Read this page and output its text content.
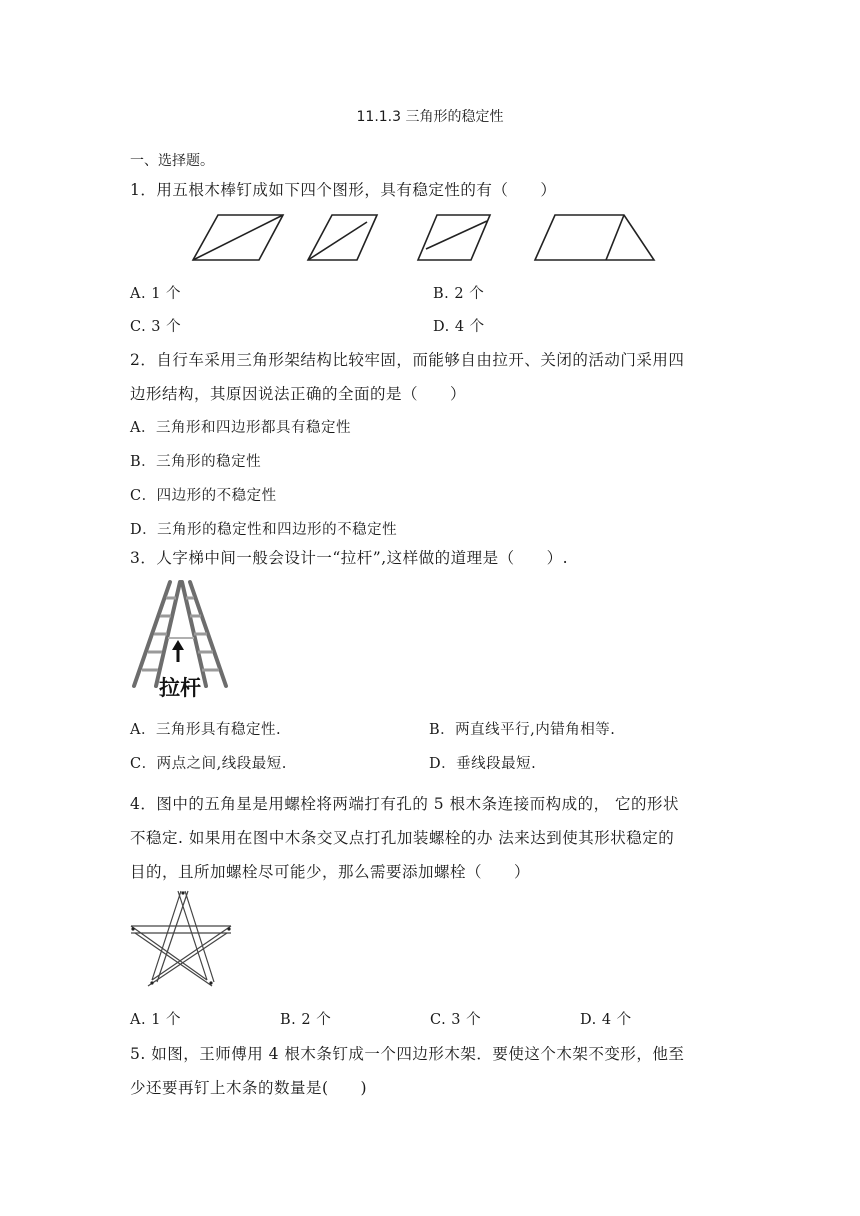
11.1.3 三角形的稳定性
一、选择题。
1．用五根木棒钉成如下四个图形，具有稳定性的有（　　）
A. 1 个	B. 2 个
C. 3 个	D. 4 个
2．自行车采用三角形架结构比较牢固，而能够自由拉开、关闭的活动门采用四
边形结构，其原因说法正确的全面的是（　　）
A．三角形和四边形都具有稳定性
B．三角形的稳定性
C．四边形的不稳定性
D．三角形的稳定性和四边形的不稳定性
3．人字梯中间一般会设计一“拉杆”,这样做的道理是（　　）.
拉杆
A．三角形具有稳定性.	B．两直线平行,内错角相等.
C．两点之间,线段最短.	D．垂线段最短.
4．图中的五角星是用螺栓将两端打有孔的 5 根木条连接而构成的， 它的形状
不稳定. 如果用在图中木条交叉点打孔加装螺栓的办 法来达到使其形状稳定的
目的，且所加螺栓尽可能少，那么需要添加螺栓（　　）
A. 1 个	B. 2 个	C. 3 个	D. 4 个
5. 如图，王师傅用 4 根木条钉成一个四边形木架．要使这个木架不变形，他至
少还要再钉上木条的数量是(　　)
